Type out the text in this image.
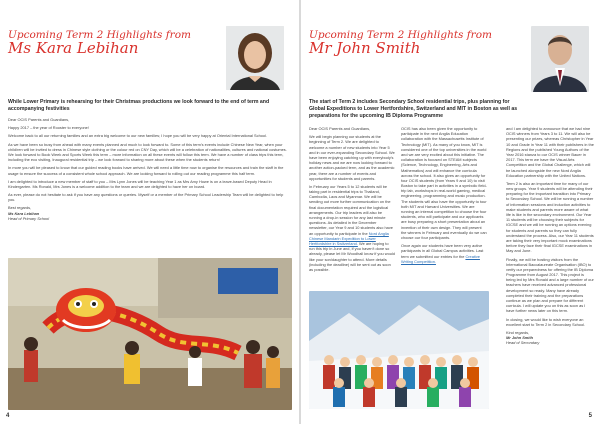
Upcoming Term 2 Highlights from
Ms Kara Lebihan
While Lower Primary is rehearsing for their Christmas productions we look forward to the end of term and accompanying festivities

Dear OCIS Parents and Guardians,

Happy 2017 – the year of Rooster to everyone!

Welcome back to all our returning families and an extra big welcome to our new families; I hope you will be very happy at Oriental International School.

As we have been so busy from ahead with many events planned and much to look forward to. Some of this term's events include Chinese New Year, when your child/ren will be invited to dress in Chinese style clothing or the colour red on CNY Day, which will be a celebration of nationalities, cultures and national costumes. We look forward to Book Week and Sports Week this term – more information on all these events will follow this term. We have a number of class trips this term, including the eco visiting, Inaugural residential trip – we look forward to sharing more about these when the students return!

In more you will be pleased to know that our guided reading books have arrived. We will need a little time now to organise the resources and train the staff in the usage to ensure the success of a consistent whole school approach. We are looking forward to rolling out our reading programme this half term.

I am delighted to introduce a new member of staff to you – Mrs Lynn Jones will be teaching Year 1 as Mrs Amy Howe is on a leave-based Deputy Head in Kindergarten. Ms Ronald, Mrs Jones is a welcome addition to the team and we are delighted to have her on board.

As ever, please do not hesitate to ask if you have any questions or queries. Myself or a member of the Primary School Leadership Team will be delighted to help you.

Best regards,

Ms Kara Lebihan

Head of Primary School

4
Upcoming Term 2 Highlights from
Mr John Smith
The start of Term 2 includes Secondary School residential trips, plus planning for Global Expeditions to Lower Hertfordshire, Switzerland and MIT in Boston as well as preparations for the upcoming IB Diploma Programme

Dear OCIS Parents and Guardians,

We will begin planning our students at the beginning of Term 2. We are delighted to welcome a number of new students into Year 5 and in our ever-expanding Secondary School. We have been enjoying catching up with everybody's holiday news and we are now looking forward to another action-packed term, and as the academic year, there are a number of events and opportunities for students and parents.

In February our Years 5 to 12 students will be taking part in residential trips to Thailand, Cambodia, Laos and Myanmar. We will be sending out more further communication on the final documentation required and the logistical arrangements. Our trip leaders will also be running a drop-in session for any last minute questions. As detailed in the December newsletter, our Year 9 and 10 students also have an opportunity to participate in the Nord Anglia Chinese Mandarin Expedition to Lower Hertfordshire in Switzerland. We are hoping to run this trip in June and, if you haven't done so already, please let Mr Woodhall know if you would like your son/daughter to attend. More details (including the deadline) will be sent out as soon as possible.

OCIS has also been given the opportunity to participate in the next Anglia Education collaboration with the Massachusetts Institute of Technology (MIT). As many of you know, MIT is considered one of the top universities in the world and we are very excited about this initiative. The collaboration is focused on STEAM subjects (Science, Technology, Engineering, Arts and Mathematics) and will enhance the curricula across the school. It also gives an opportunity for four OCIS students (from Years 9 and 10) to visit Boston to take part in activities in a symbolic field-trip lab, workshops in real-world gaming, medical engineering, programming and music production. The students will also have the opportunity to tour both MIT and Harvard Universities. We are running an internal competition to choose the four students, who will participate and our applicants are busy preparing a short presentation about an invention of their own design. They will present the winners in February and eventually do we can choose our four participants.

Once again our students have been very active participants in all Global Campus activities. Last term we submitted our entries for the Creative Writing Competition.

and I am delighted to announce that we had nine OCIS winners from Years 3 to 11. We will also be presenting our prizes, whereas Christopher in Year 10 and Grade in Year 11 with their publishers in the Regions and the published Young Authors of the Year 2016 stanza to our OCIS winner Bauer in 2017. This term we have the Visual Arts Competition and the Global Challenge, which will be launched alongside the new Nord Anglia Education partnership with the United Nations.

Term 2 is also an important time for many of our new groups. Year 9 students will be attending their preparing for the important transition into Primary to Secondary School. We will be running a number of information sessions and induction activities to make students and parents more aware of what life is like in the secondary environment. Our Year 11 students will be choosing their subjects for IGCSE and we will be running an options evening for students and parents so they can fully understand the process. Also, our Year 11 students are taking their very important mock examinations before they face their final IGCSE examinations in May and June.

Finally, we will be hosting visitors from the International Baccalaureate Organisation (IBO) to verify our preparedness for offering the IB Diploma Programme from August 2017. This project is being led by Mrs Ronald and a large number of our teachers have received advanced professional development so ready. Many have already completed their training and the preparations continue as we plan and prepare for different curricula. I will update you on this as soon as I have further news later on this term.

In closing, we would like to wish everyone an excellent start to Term 2 in Secondary School.

Kind regards,

Mr John Smith

Head of Secondary

5
